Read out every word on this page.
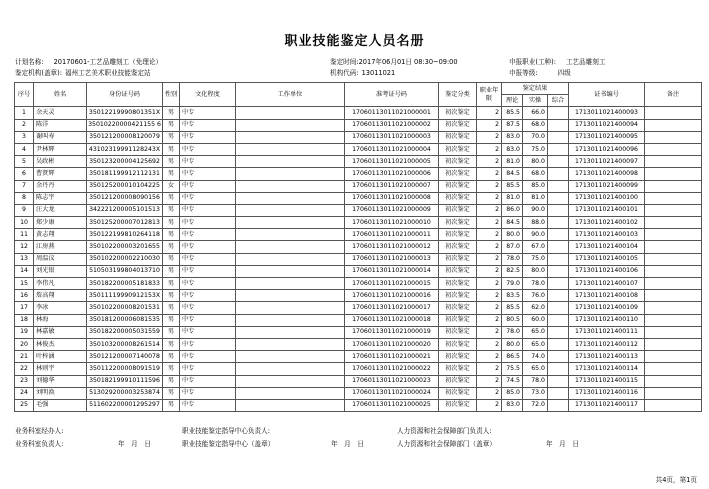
职业技能鉴定人员名册
计划名称: 20170601-工艺品雕刻工（免理论）	鉴定时间:2017年06月01日 08:30~09:00	申报职业(工种): 工艺品雕刻工
鉴定机构(盖章): 福州工艺美术职业技能鉴定站	机构代码: 13011021	申报等级:	四级
序号	姓名	身份证号码	性别	文化程度	工作单位	准考证号码	鉴定分类	职业年限	鉴定结果			证书编号	备注
									理论	实操	综合		
1	余天灵	35012219990801351X	男	中专		17060113011021000001	初次鉴定	2	85.5	66.0		1713011021400093	
2	陈洋	35010220000421155 6	男	中专		17060113011021000002	初次鉴定	2	87.5	68.0		1713011021400094	
3	谢叫寿	350121200008120079	男	中专		17060113011021000003	初次鉴定	2	83.0	70.0		1713011021400095	
4	尹林辉	43102319991128243X	男	中专		17060113011021000004	初次鉴定	2	83.0	75.0		1713011021400096	
5	吴政彬	350123200004125692	男	中专		17060113011021000005	初次鉴定	2	81.0	80.0		1713011021400097	
6	曹贤辉	350181199912112131	男	中专		17060113011021000006	初次鉴定	2	84.5	68.0		1713011021400098	
7	余丹丹	350125200010104225	女	中专		17060113011021000007	初次鉴定	2	85.5	85.0		1713011021400099	
8	陈志宇	350121200008090156	男	中专		17060113011021000008	初次鉴定	2	81.0	81.0		1713011021400100	
9	汪大龙	342221200005101513	男	中专		17060113011021000009	初次鉴定	2	86.0	90.0		1713011021400101	
10	郑少康	350125200007012813	男	中专		17060113011021000010	初次鉴定	2	84.5	88.0		1713011021400102	
11	黄志翔	350122199810264118	男	中专		17060113011021000011	初次鉴定	2	80.0	90.0		1713011021400103	
12	江房燕	350102200003201655	男	中专		17060113011021000012	初次鉴定	2	87.0	67.0		1713011021400104	
13	周温汶	350102200002210030	男	中专		17060113011021000013	初次鉴定	2	78.0	75.0		1713011021400105	
14	刘光银	510503199804013710	男	中专		17060113011021000014	初次鉴定	2	82.5	80.0		1713011021400106	
15	李伟凡	350182200005181833	男	中专		17060113011021000015	初次鉴定	2	79.0	78.0		1713011021400107	
16	詹高翔	35011119990912153X	男	中专		17060113011021000016	初次鉴定	2	83.5	76.0		1713011021400108	
17	李冰	350102200008201531	男	中专		17060113011021000017	初次鉴定	2	85.5	62.0		1713011021400109	
18	林海	350181200006081535	男	中专		17060113011021000018	初次鉴定	2	80.5	60.0		1713011021400110	
19	林嘉敏	350182200005031559	男	中专		17060113011021000019	初次鉴定	2	78.0	65.0		1713011021400111	
20	林俊杰	350103200008261514	男	中专		17060113011021000020	初次鉴定	2	80.0	65.0		1713011021400112	
21	叶梓涵	350121200007140078	男	中专		17060113011021000021	初次鉴定	2	86.5	74.0		1713011021400113	
22	林则宇	350112200008091519	男	中专		17060113011021000022	初次鉴定	2	75.5	65.0		1713011021400114	
23	刘德华	350182199910111596	男	中专		17060113011021000023	初次鉴定	2	74.5	78.0		1713011021400115	
24	刘明涣	513029200003253874	男	中专		17060113011021000024	初次鉴定	2	85.0	73.0		1713011021400116	
25	毛强	511602200001295297	男	中专		17060113011021000025	初次鉴定	2	83.0	72.0		1713011021400117	
业务科室经办人:	职业技能鉴定指导中心负责人:	人力资源和社会保障部门负责人:
业务科室负责人:	年　月　日	职业技能鉴定指导中心（盖章）	年　月　日	人力资源和社会保障部门（盖章）	年　月　日
共4页，第1页
